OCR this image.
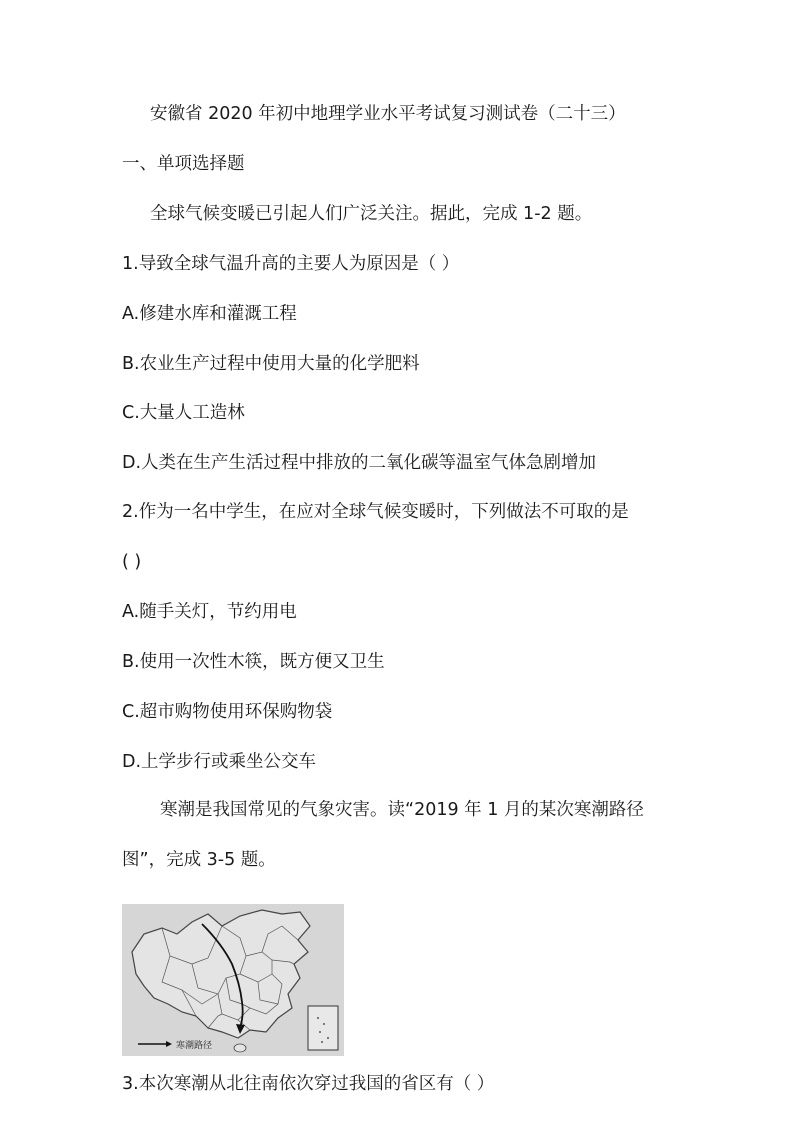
安徽省 2020 年初中地理学业水平考试复习测试卷（二十三）
一、单项选择题
全球气候变暖已引起人们广泛关注。据此，完成 1-2 题。
1.导致全球气温升高的主要人为原因是（ ）
A.修建水库和灌溉工程
B.农业生产过程中使用大量的化学肥料
C.大量人工造林
D.人类在生产生活过程中排放的二氧化碳等温室气体急剧增加
2.作为一名中学生，在应对全球气候变暖时，下列做法不可取的是
( )
A.随手关灯，节约用电
B.使用一次性木筷，既方便又卫生
C.超市购物使用环保购物袋
D.上学步行或乘坐公交车
寒潮是我国常见的气象灾害。读“2019 年 1 月的某次寒潮路径
图”，完成 3-5 题。
寒潮路径
3.本次寒潮从北往南依次穿过我国的省区有（ ）
